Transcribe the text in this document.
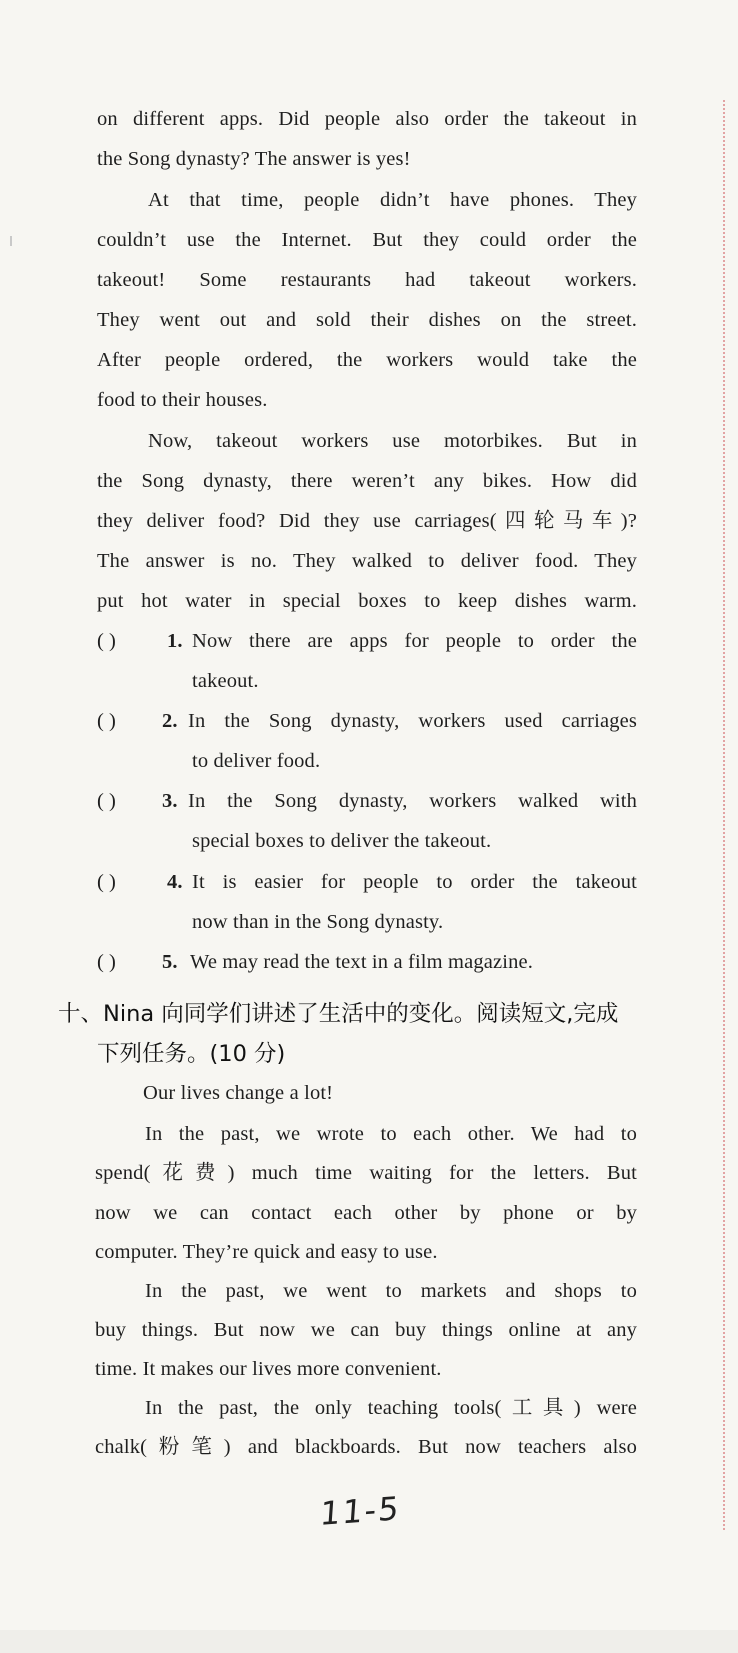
on different apps. Did people also order the takeout in
the Song dynasty? The answer is yes!
At that time, people didn’t have phones. They
couldn’t use the Internet. But they could order the
takeout! Some restaurants had takeout workers.
They went out and sold their dishes on the street.
After people ordered, the workers would take the
food to their houses.
Now, takeout workers use motorbikes. But in
the Song dynasty, there weren’t any bikes. How did
they deliver food? Did they use carriages(四轮马车)?
The answer is no. They walked to deliver food. They
put hot water in special boxes to keep dishes warm.
( ) 1. Now there are apps for people to order the
takeout.
( ) 2. In the Song dynasty, workers used carriages
to deliver food.
( ) 3. In the Song dynasty, workers walked with
special boxes to deliver the takeout.
( ) 4. It is easier for people to order the takeout
now than in the Song dynasty.
( ) 5. We may read the text in a film magazine.
十、Nina 向同学们讲述了生活中的变化。阅读短文,完成
下列任务。(10 分)
Our lives change a lot!
In the past, we wrote to each other. We had to
spend(花费) much time waiting for the letters. But
now we can contact each other by phone or by
computer. They’re quick and easy to use.
In the past, we went to markets and shops to
buy things. But now we can buy things online at any
time. It makes our lives more convenient.
In the past, the only teaching tools(工具) were
chalk(粉笔) and blackboards. But now teachers also
11-5
